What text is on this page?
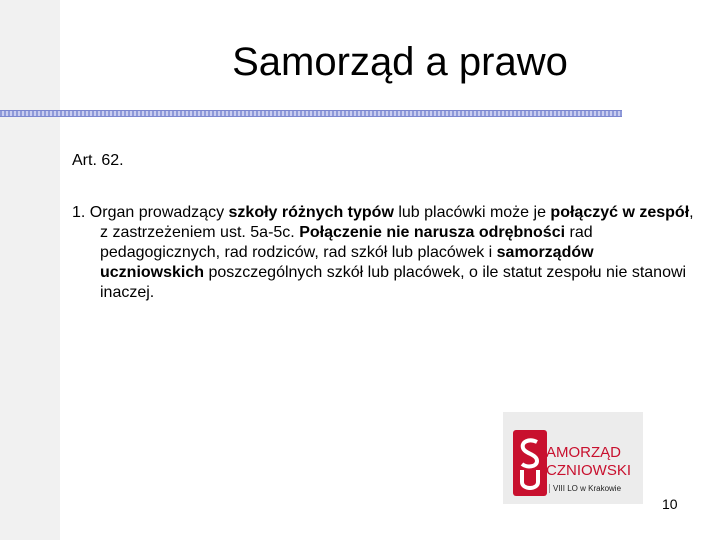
Samorząd a prawo
Art. 62.

1. Organ prowadzący szkoły różnych typów lub placówki może je połączyć w zespół, z zastrzeżeniem ust. 5a-5c. Połączenie nie narusza odrębności rad pedagogicznych, rad rodziców, rad szkół lub placówek i samorządów uczniowskich poszczególnych szkół lub placówek, o ile statut zespołu nie stanowi inaczej.

AMORZĄD
CZNIOWSKI
VIII LO w Krakowie
10
